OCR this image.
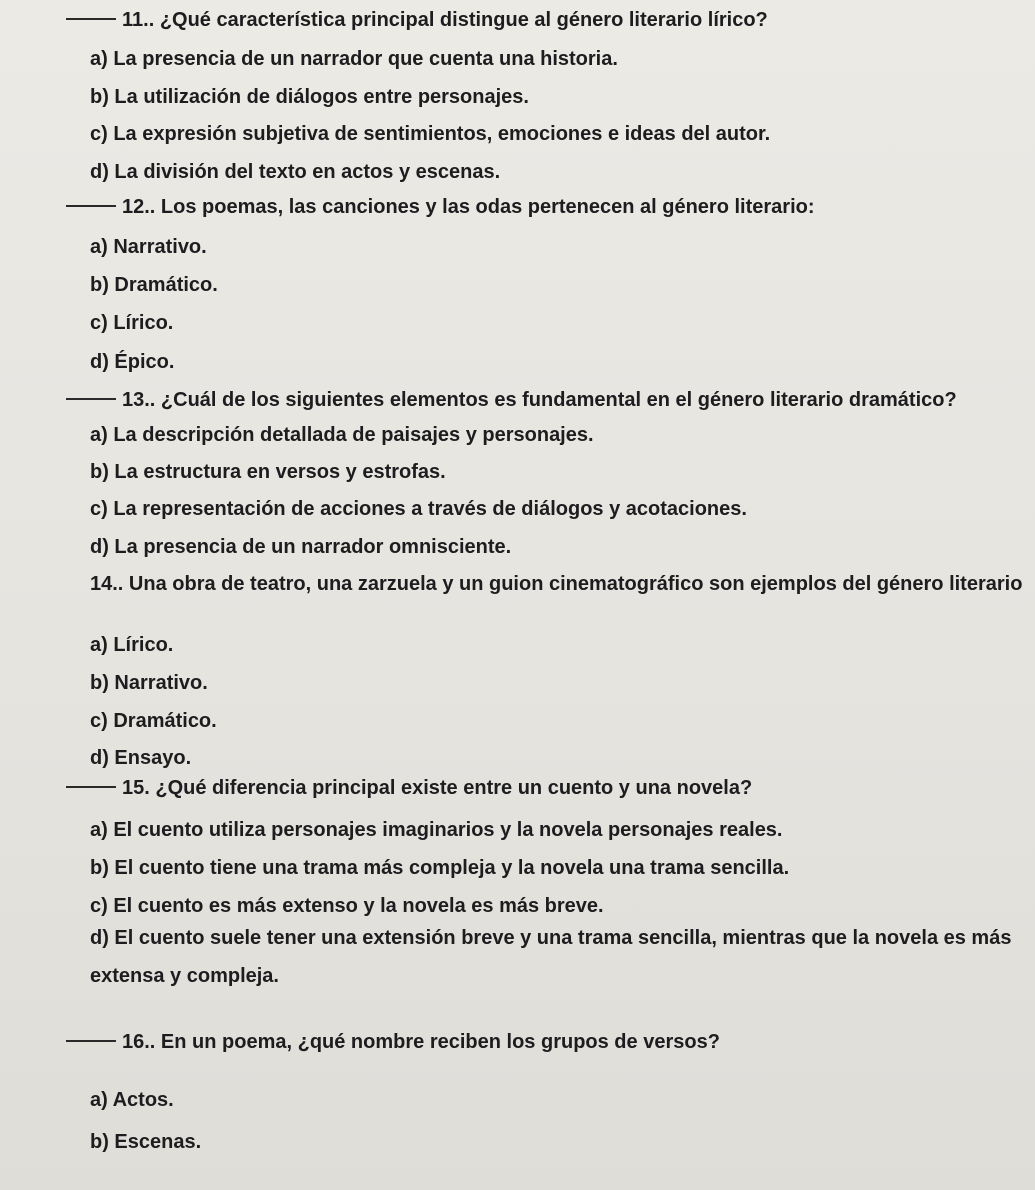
11.. ¿Qué característica principal distingue al género literario lírico?
a) La presencia de un narrador que cuenta una historia.
b) La utilización de diálogos entre personajes.
c) La expresión subjetiva de sentimientos, emociones e ideas del autor.
d) La división del texto en actos y escenas.
12.. Los poemas, las canciones y las odas pertenecen al género literario:
a) Narrativo.
b) Dramático.
c) Lírico.
d) Épico.
13.. ¿Cuál de los siguientes elementos es fundamental en el género literario dramático?
a) La descripción detallada de paisajes y personajes.
b) La estructura en versos y estrofas.
c) La representación de acciones a través de diálogos y acotaciones.
d) La presencia de un narrador omnisciente.
14.. Una obra de teatro, una zarzuela y un guion cinematográfico son ejemplos del género literario
a) Lírico.
b) Narrativo.
c) Dramático.
d) Ensayo.
15. ¿Qué diferencia principal existe entre un cuento y una novela?
a) El cuento utiliza personajes imaginarios y la novela personajes reales.
b) El cuento tiene una trama más compleja y la novela una trama sencilla.
c) El cuento es más extenso y la novela es más breve.
d) El cuento suele tener una extensión breve y una trama sencilla, mientras que la novela es más extensa y compleja.
16.. En un poema, ¿qué nombre reciben los grupos de versos?
a) Actos.
b) Escenas.
